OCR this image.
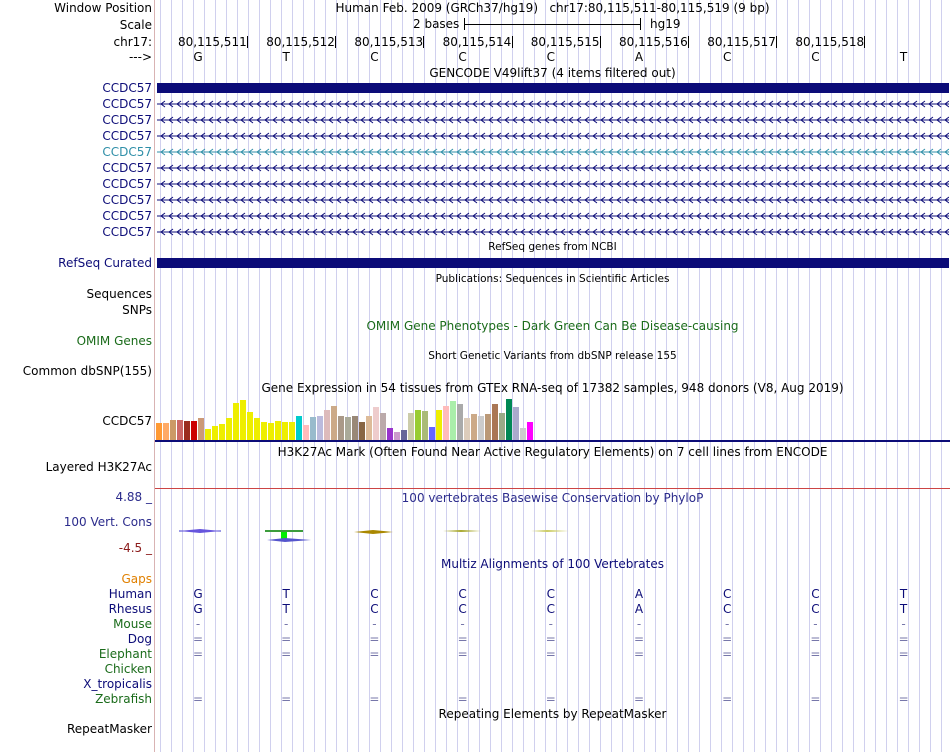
Window Position	Human Feb. 2009 (GRCh37/hg19)   chr17:80,115,511-80,115,519 (9 bp)
Scale	2 bases	hg19
chr17: 80,115,511 80,115,512 80,115,513 80,115,514 80,115,515 80,115,516 80,115,517 80,115,518
--->	G	T	C	C	C	A	C	C	T
GENCODE V49lift37 (4 items filtered out)
CCDC57
CCDC57
CCDC57
CCDC57
CCDC57
CCDC57
CCDC57
CCDC57
CCDC57
CCDC57
RefSeq genes from NCBI
RefSeq Curated
Publications: Sequences in Scientific Articles
Sequences
SNPs
OMIM Gene Phenotypes - Dark Green Can Be Disease-causing
OMIM Genes
Short Genetic Variants from dbSNP release 155
Common dbSNP(155)
Gene Expression in 54 tissues from GTEx RNA-seq of 17382 samples, 948 donors (V8, Aug 2019)
CCDC57
H3K27Ac Mark (Often Found Near Active Regulatory Elements) on 7 cell lines from ENCODE
Layered H3K27Ac
4.88 _	100 vertebrates Basewise Conservation by PhyloP
100 Vert. Cons
-4.5 _
Multiz Alignments of 100 Vertebrates
Gaps
Human	G	T	C	C	C	A	C	C	T
Rhesus	G	T	C	C	C	A	C	C	T
Mouse	-	-	-	-	-	-	-	-	-
Dog	=	=	=	=	=	=	=	=	=
Elephant	=	=	=	=	=	=	=	=	=
Chicken
X_tropicalis
Zebrafish	=	=	=	=	=	=	=	=	=
Repeating Elements by RepeatMasker
RepeatMasker
